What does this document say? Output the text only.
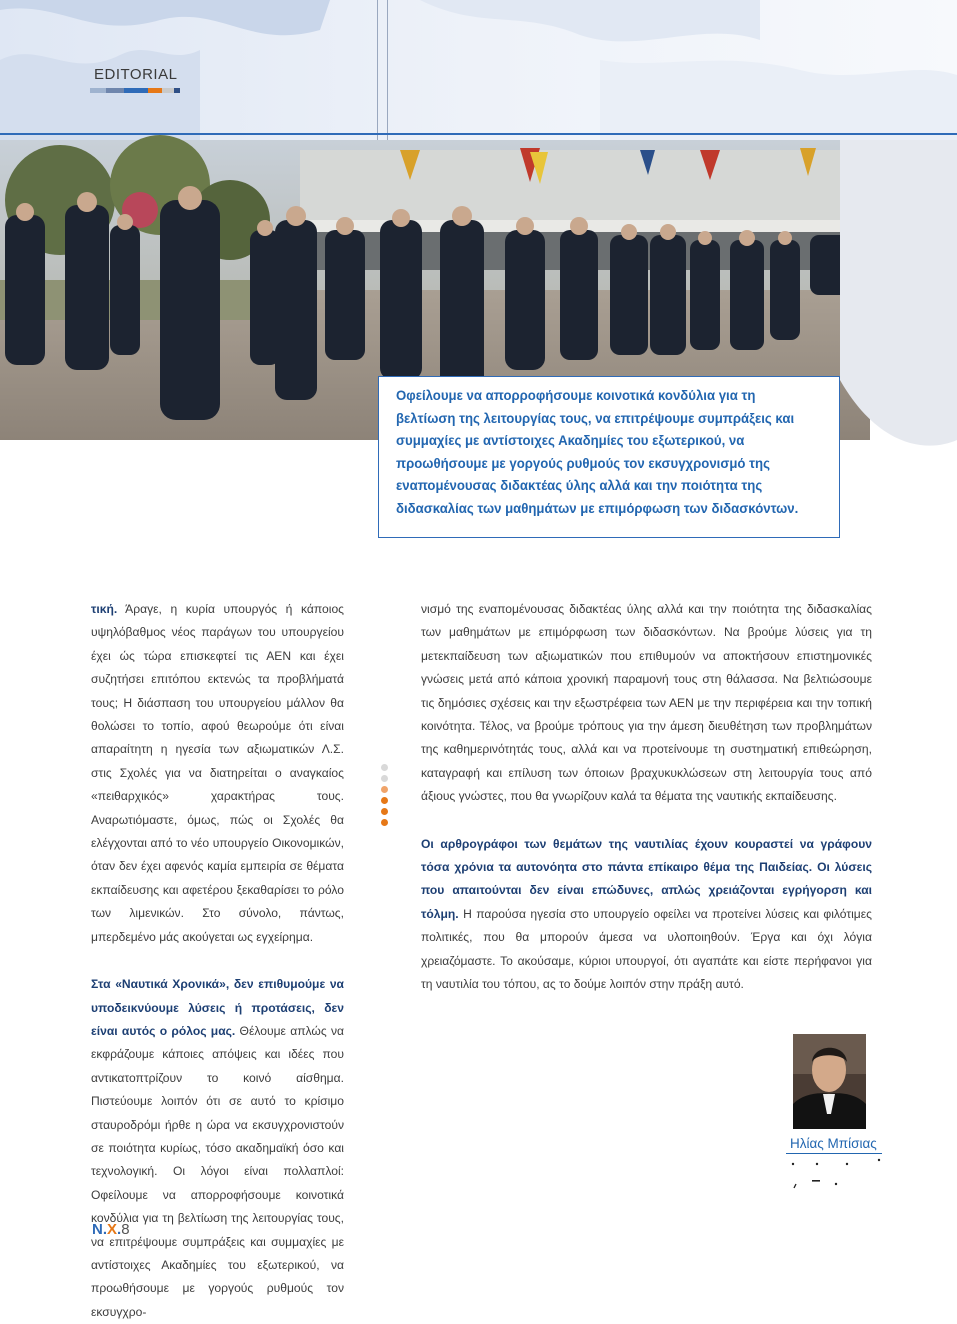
EDITORIAL

Οφείλουμε να απορροφήσουμε κοινοτικά κονδύλια για τη βελτίωση της λειτουργίας τους, να επιτρέψουμε συμπράξεις και συμμαχίες με αντίστοιχες Ακαδημίες του εξωτερικού, να προωθήσουμε με γοργούς ρυθμούς τον εκσυγχρονισμό της εναπομένουσας διδακτέας ύλης αλλά και την ποιότητα της διδασκαλίας των μαθημάτων με επιμόρφωση των διδασκόντων.

τική. Άραγε, η κυρία υπουργός ή κάποιος υψηλόβαθμος νέος παράγων του υπουργείου έχει ώς τώρα επισκεφτεί τις ΑΕΝ και έχει συζητήσει επιτόπου εκτενώς τα προβλήματά τους; Η διάσπαση του υπουργείου μάλλον θα θολώσει το τοπίο, αφού θεωρούμε ότι είναι απαραίτητη η ηγεσία των αξιωματικών Λ.Σ. στις Σχολές για να διατηρείται ο αναγκαίος «πειθαρχικός» χαρακτήρας τους. Αναρωτιόμαστε, όμως, πώς οι Σχολές θα ελέγχονται από το νέο υπουργείο Οικονομικών, όταν δεν έχει αφενός καμία εμπειρία σε θέματα εκπαίδευσης και αφετέρου ξεκαθαρίσει το ρόλο των λιμενικών. Στο σύνολο, πάντως, μπερδεμένο μάς ακούγεται ως εγχείρημα.

Στα «Ναυτικά Χρονικά», δεν επιθυμούμε να υποδεικνύουμε λύσεις ή προτάσεις, δεν είναι αυτός ο ρόλος μας. Θέλουμε απλώς να εκφράζουμε κάποιες απόψεις και ιδέες που αντικατοπτρίζουν το κοινό αίσθημα. Πιστεύουμε λοιπόν ότι σε αυτό το κρίσιμο σταυροδρόμι ήρθε η ώρα να εκσυγχρονιστούν σε ποιότητα κυρίως, τόσο ακαδημαϊκή όσο και τεχνολογική. Οι λόγοι είναι πολλαπλοί: Οφείλουμε να απορροφήσουμε κοινοτικά κονδύλια για τη βελτίωση της λειτουργίας τους, να επιτρέψουμε συμπράξεις και συμμαχίες με αντίστοιχες Ακαδημίες του εξωτερικού, να προωθήσουμε με γοργούς ρυθμούς τον εκσυγχρο-

νισμό της εναπομένουσας διδακτέας ύλης αλλά και την ποιότητα της διδασκαλίας των μαθημάτων με επιμόρφωση των διδασκόντων. Να βρούμε λύσεις για τη μετεκπαίδευση των αξιωματικών που επιθυμούν να αποκτήσουν επιστημονικές γνώσεις μετά από κάποια χρονική παραμονή τους στη θάλασσα. Να βελτιώσουμε τις δημόσιες σχέσεις και την εξωστρέφεια των ΑΕΝ με την περιφέρεια και την τοπική κοινότητα. Τέλος, να βρούμε τρόπους για την άμεση διευθέτηση των προβλημάτων της καθημερινότητάς τους, αλλά και να προτείνουμε τη συστηματική επιθεώρηση, καταγραφή και επίλυση των όποιων βραχυκυκλώσεων στη λειτουργία τους από άξιους γνώστες, που θα γνωρίζουν καλά τα θέματα της ναυτικής εκπαίδευσης.

Οι αρθρογράφοι των θεμάτων της ναυτιλίας έχουν κουραστεί να γράφουν τόσα χρόνια τα αυτονόητα στο πάντα επίκαιρο θέμα της Παιδείας. Οι λύσεις που απαιτούνται δεν είναι επώδυνες, απλώς χρειάζονται εγρήγορση και τόλμη. Η παρούσα ηγεσία στο υπουργείο οφείλει να προτείνει λύσεις και φιλότιμες πολιτικές, που θα μπορούν άμεσα να υλοποιηθούν. Έργα και όχι λόγια χρειαζόμαστε. Το ακούσαμε, κύριοι υπουργοί, ότι αγαπάτε και είστε περήφανοι για τη ναυτιλία του τόπου, ας το δούμε λοιπόν στην πράξη αυτό.

Ηλίας Μπίσιας
N.X.8
